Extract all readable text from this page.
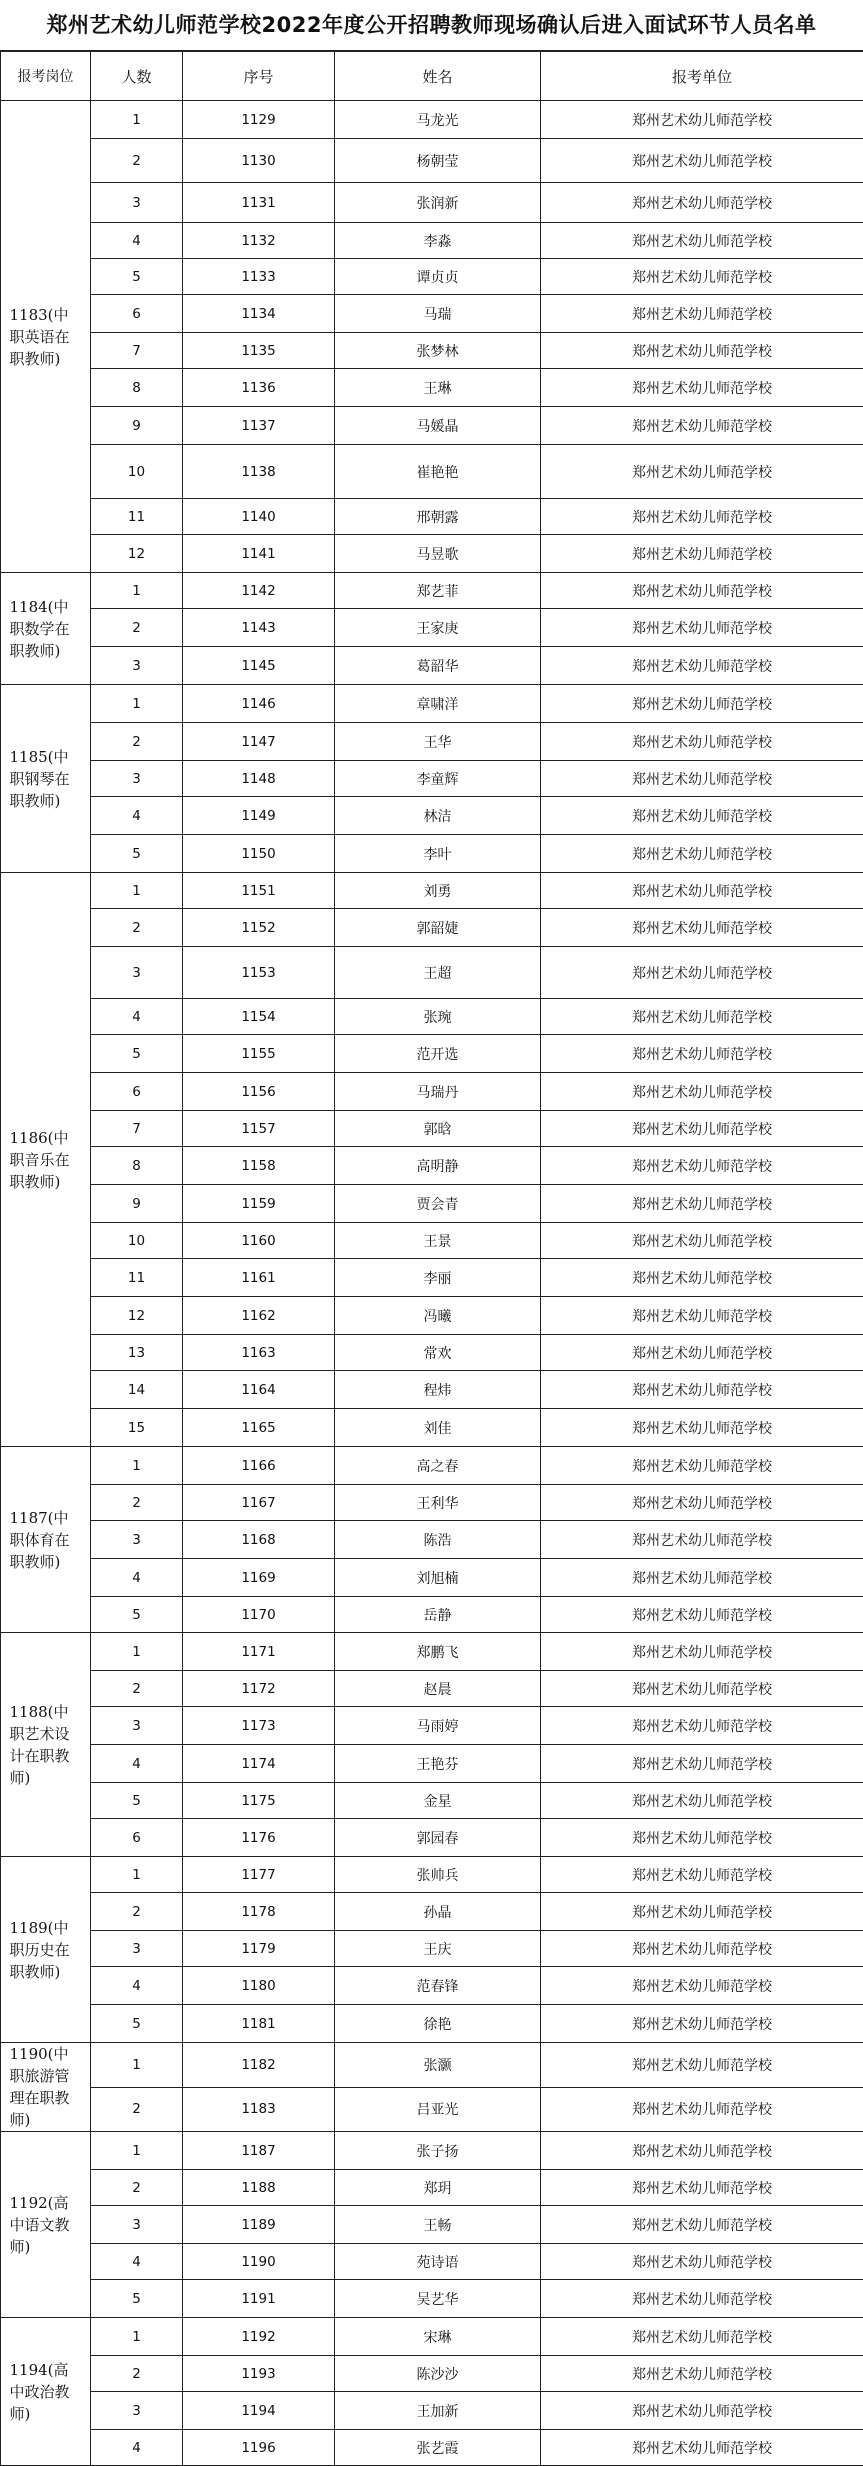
郑州艺术幼儿师范学校2022年度公开招聘教师现场确认后进入面试环节人员名单
报考岗位	人数	序号	姓名	报考单位
1183(中职英语在职教师)	1	1129	马龙光	郑州艺术幼儿师范学校
	2	1130	杨朝莹	郑州艺术幼儿师范学校
	3	1131	张润新	郑州艺术幼儿师范学校
	4	1132	李淼	郑州艺术幼儿师范学校
	5	1133	谭贞贞	郑州艺术幼儿师范学校
	6	1134	马瑞	郑州艺术幼儿师范学校
	7	1135	张梦林	郑州艺术幼儿师范学校
	8	1136	王琳	郑州艺术幼儿师范学校
	9	1137	马媛晶	郑州艺术幼儿师范学校
	10	1138	崔艳艳	郑州艺术幼儿师范学校
	11	1140	邢朝露	郑州艺术幼儿师范学校
	12	1141	马昱歌	郑州艺术幼儿师范学校
1184(中职数学在职教师)	1	1142	郑艺菲	郑州艺术幼儿师范学校
	2	1143	王家庚	郑州艺术幼儿师范学校
	3	1145	葛韶华	郑州艺术幼儿师范学校
1185(中职钢琴在职教师)	1	1146	章啸洋	郑州艺术幼儿师范学校
	2	1147	王华	郑州艺术幼儿师范学校
	3	1148	李童辉	郑州艺术幼儿师范学校
	4	1149	林洁	郑州艺术幼儿师范学校
	5	1150	李叶	郑州艺术幼儿师范学校
1186(中职音乐在职教师)	1	1151	刘勇	郑州艺术幼儿师范学校
	2	1152	郭韶婕	郑州艺术幼儿师范学校
	3	1153	王超	郑州艺术幼儿师范学校
	4	1154	张琬	郑州艺术幼儿师范学校
	5	1155	范开选	郑州艺术幼儿师范学校
	6	1156	马瑞丹	郑州艺术幼儿师范学校
	7	1157	郭晗	郑州艺术幼儿师范学校
	8	1158	高明静	郑州艺术幼儿师范学校
	9	1159	贾会青	郑州艺术幼儿师范学校
	10	1160	王景	郑州艺术幼儿师范学校
	11	1161	李丽	郑州艺术幼儿师范学校
	12	1162	冯曦	郑州艺术幼儿师范学校
	13	1163	常欢	郑州艺术幼儿师范学校
	14	1164	程炜	郑州艺术幼儿师范学校
	15	1165	刘佳	郑州艺术幼儿师范学校
1187(中职体育在职教师)	1	1166	高之春	郑州艺术幼儿师范学校
	2	1167	王利华	郑州艺术幼儿师范学校
	3	1168	陈浩	郑州艺术幼儿师范学校
	4	1169	刘旭楠	郑州艺术幼儿师范学校
	5	1170	岳静	郑州艺术幼儿师范学校
1188(中职艺术设计在职教师)	1	1171	郑鹏飞	郑州艺术幼儿师范学校
	2	1172	赵晨	郑州艺术幼儿师范学校
	3	1173	马雨婷	郑州艺术幼儿师范学校
	4	1174	王艳芬	郑州艺术幼儿师范学校
	5	1175	金星	郑州艺术幼儿师范学校
	6	1176	郭园春	郑州艺术幼儿师范学校
1189(中职历史在职教师)	1	1177	张帅兵	郑州艺术幼儿师范学校
	2	1178	孙晶	郑州艺术幼儿师范学校
	3	1179	王庆	郑州艺术幼儿师范学校
	4	1180	范春锋	郑州艺术幼儿师范学校
	5	1181	徐艳	郑州艺术幼儿师范学校
1190(中职旅游管理在职教师)	1	1182	张灏	郑州艺术幼儿师范学校
	2	1183	吕亚光	郑州艺术幼儿师范学校
1192(高中语文教师)	1	1187	张子扬	郑州艺术幼儿师范学校
	2	1188	郑玥	郑州艺术幼儿师范学校
	3	1189	王畅	郑州艺术幼儿师范学校
	4	1190	苑诗语	郑州艺术幼儿师范学校
	5	1191	吴艺华	郑州艺术幼儿师范学校
1194(高中政治教师)	1	1192	宋琳	郑州艺术幼儿师范学校
	2	1193	陈沙沙	郑州艺术幼儿师范学校
	3	1194	王加新	郑州艺术幼儿师范学校
	4	1196	张艺霞	郑州艺术幼儿师范学校
